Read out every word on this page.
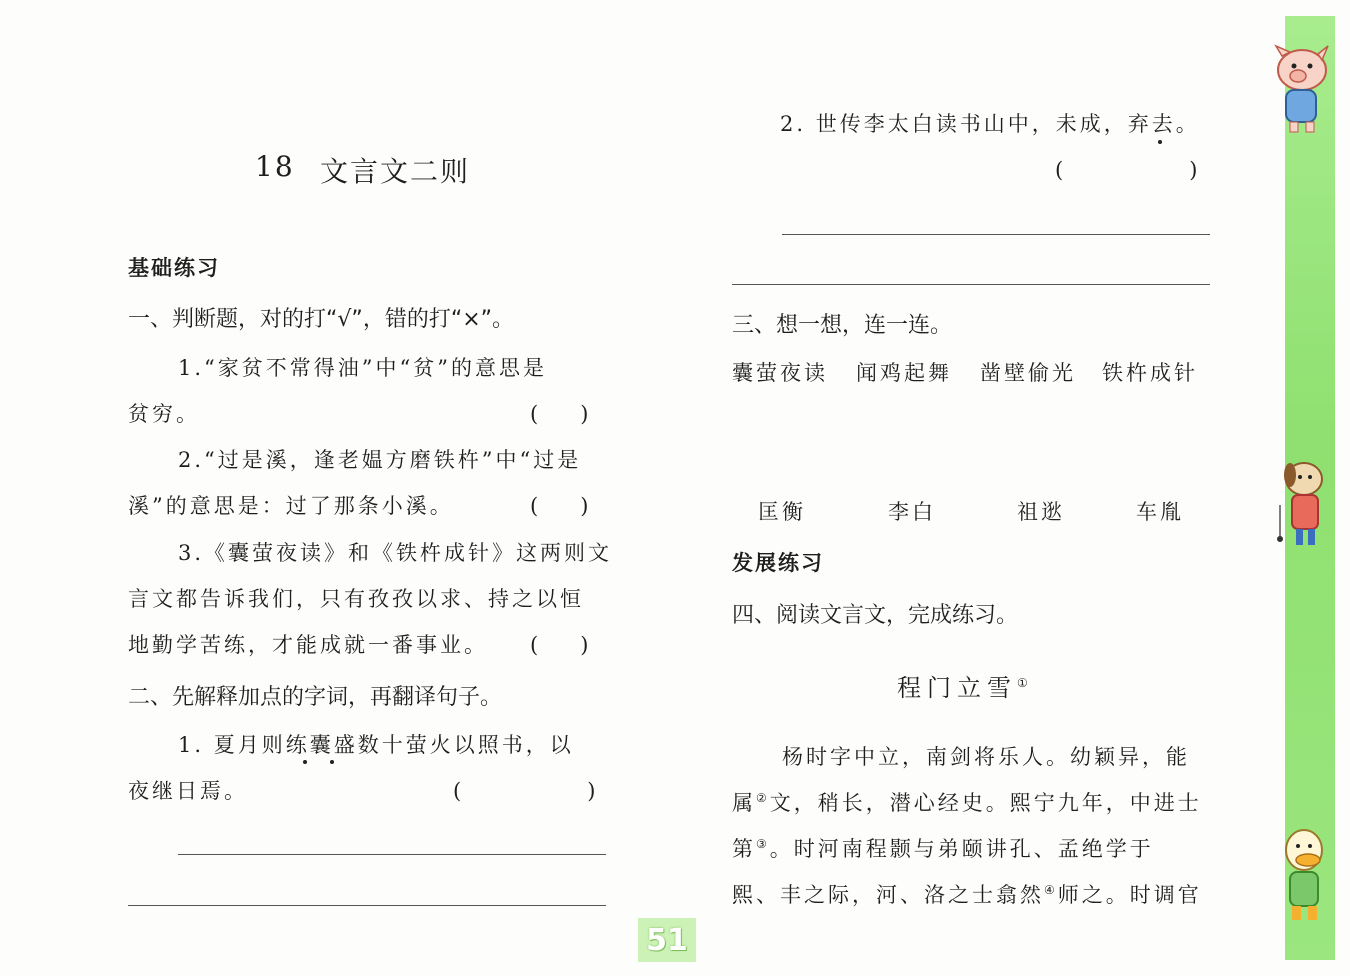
18 文言文二则
基础练习
一、判断题，对的打“√”，错的打“×”。
1.“家贫不常得油”中“贫”的意思是
贫穷。	(　　)
2.“过是溪，逢老媪方磨铁杵”中“过是
溪”的意思是：过了那条小溪。	(　　)
3.《囊萤夜读》和《铁杵成针》这两则文
言文都告诉我们，只有孜孜以求、持之以恒
地勤学苦练，才能成就一番事业。 (　　)
二、先解释加点的字词，再翻译句子。
1. 夏月则练囊盛数十萤火以照书，以
夜继日焉。	(　　　　　　)
2. 世传李太白读书山中，未成，弃去。
(　　　　　　)
三、想一想，连一连。
囊萤夜读 闻鸡起舞 凿壁偷光 铁杵成针
匡衡	李白	祖逖	车胤
发展练习
四、阅读文言文，完成练习。
程门立雪①
杨时字中立，南剑将乐人。幼颖异，能
属②文，稍长，潜心经史。熙宁九年，中进士
第③。时河南程颢与弟颐讲孔、孟绝学于
熙、丰之际，河、洛之士翕然④师之。时调官
51
